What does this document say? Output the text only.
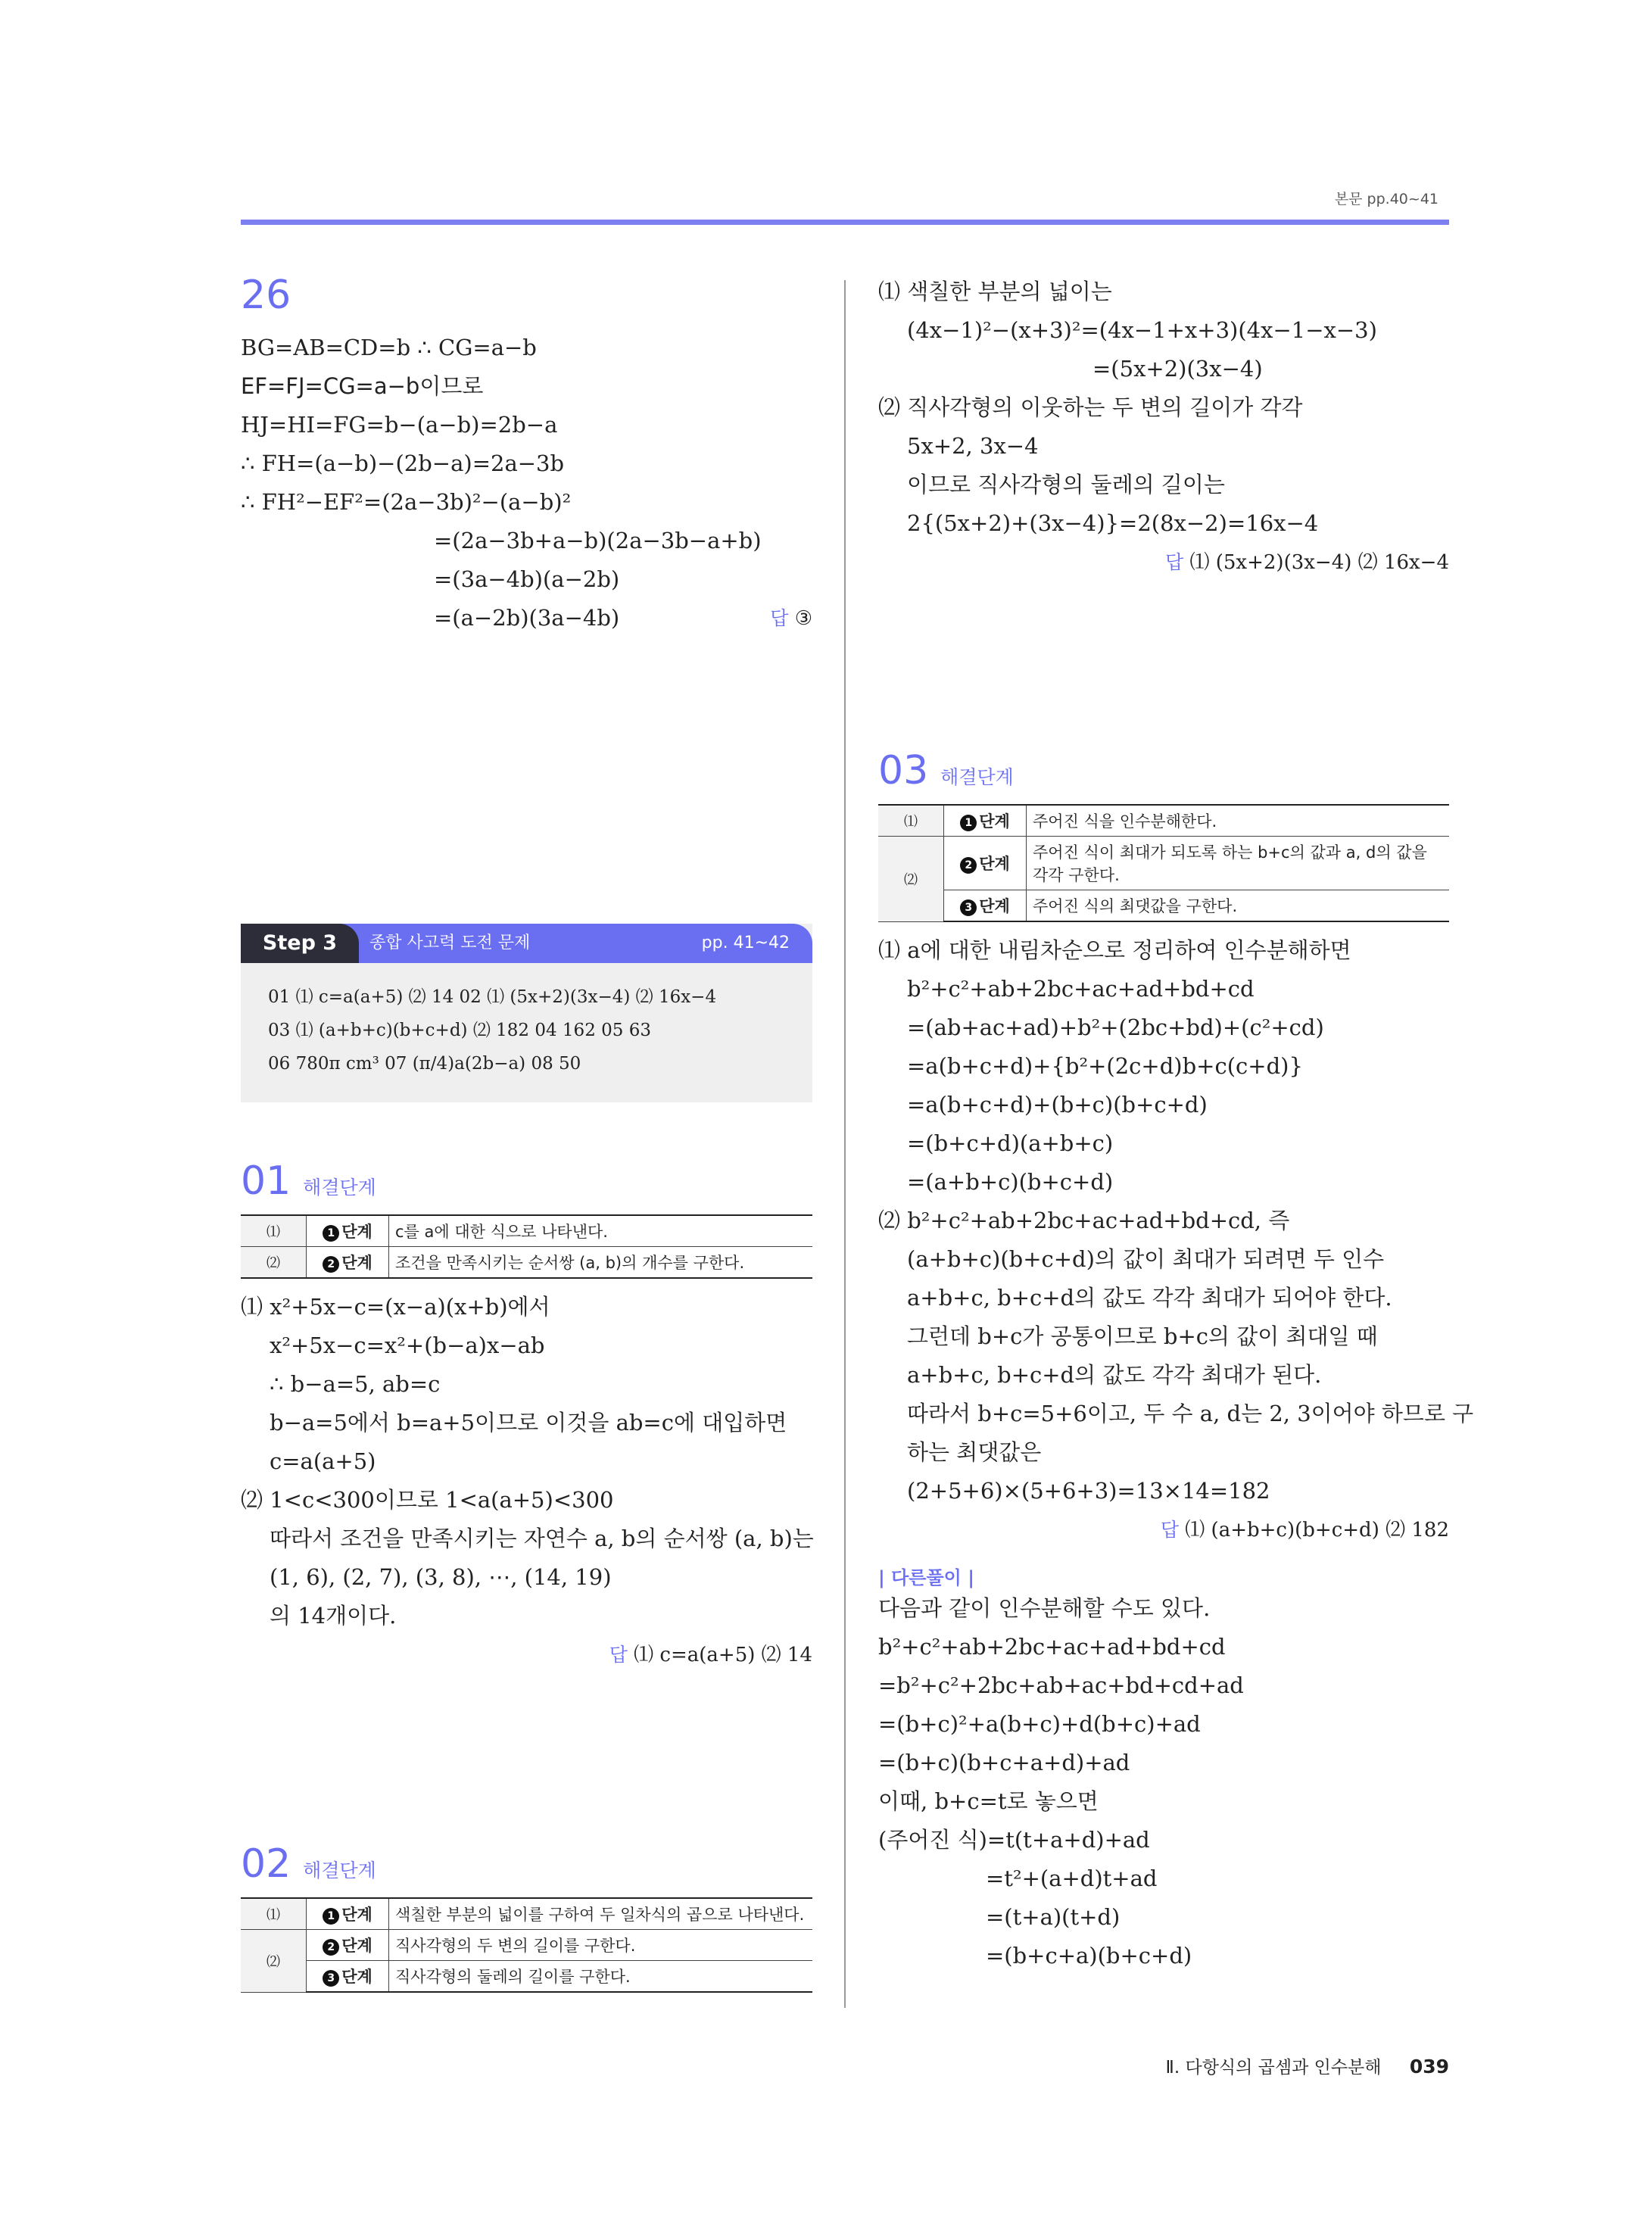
본문 pp.40~41
26
BG=AB=CD=b ∴ CG=a−b
EF=FJ=CG=a−b이므로
HJ=HI=FG=b−(a−b)=2b−a
∴ FH=(a−b)−(2b−a)=2a−3b
∴ FH²−EF²=(2a−3b)²−(a−b)²
=(2a−3b+a−b)(2a−3b−a+b)
=(3a−4b)(a−2b)
=(a−2b)(3a−4b)	답 ③
Step 3	종합 사고력 도전 문제	pp. 41~42
01 ⑴ c=a(a+5) ⑵ 14 02 ⑴ (5x+2)(3x−4) ⑵ 16x−4
03 ⑴ (a+b+c)(b+c+d) ⑵ 182 04 162 05 63
06 780π cm³ 07 (π/4)a(2b−a) 08 50
01 해결단계
⑴	1 단계	c를 a에 대한 식으로 나타낸다.
⑵	2 단계	조건을 만족시키는 순서쌍 (a, b)의 개수를 구한다.
⑴ x²+5x−c=(x−a)(x+b)에서
x²+5x−c=x²+(b−a)x−ab
∴ b−a=5, ab=c
b−a=5에서 b=a+5이므로 이것을 ab=c에 대입하면
c=a(a+5)
⑵ 1<c<300이므로 1<a(a+5)<300
따라서 조건을 만족시키는 자연수 a, b의 순서쌍 (a, b)는
(1, 6), (2, 7), (3, 8), ⋯, (14, 19)
의 14개이다.
답 ⑴ c=a(a+5) ⑵ 14

02 해결단계
⑴	1 단계	색칠한 부분의 넓이를 구하여 두 일차식의 곱으로 나타낸다.
⑵	2 단계	직사각형의 두 변의 길이를 구한다.
	3 단계	직사각형의 둘레의 길이를 구한다.
⑴ 색칠한 부분의 넓이는
(4x−1)²−(x+3)²=(4x−1+x+3)(4x−1−x−3)
=(5x+2)(3x−4)
⑵ 직사각형의 이웃하는 두 변의 길이가 각각
5x+2, 3x−4
이므로 직사각형의 둘레의 길이는
2{(5x+2)+(3x−4)}=2(8x−2)=16x−4
답 ⑴ (5x+2)(3x−4) ⑵ 16x−4

03 해결단계
⑴	1 단계	주어진 식을 인수분해한다.
⑵	2 단계	주어진 식이 최대가 되도록 하는 b+c의 값과 a, d의 값을 각각 구한다.
	3 단계	주어진 식의 최댓값을 구한다.
⑴ a에 대한 내림차순으로 정리하여 인수분해하면
b²+c²+ab+2bc+ac+ad+bd+cd
=(ab+ac+ad)+b²+(2bc+bd)+(c²+cd)
=a(b+c+d)+{b²+(2c+d)b+c(c+d)}
=a(b+c+d)+(b+c)(b+c+d)
=(b+c+d)(a+b+c)
=(a+b+c)(b+c+d)
⑵ b²+c²+ab+2bc+ac+ad+bd+cd, 즉
(a+b+c)(b+c+d)의 값이 최대가 되려면 두 인수
a+b+c, b+c+d의 값도 각각 최대가 되어야 한다.
그런데 b+c가 공통이므로 b+c의 값이 최대일 때
a+b+c, b+c+d의 값도 각각 최대가 된다.
따라서 b+c=5+6이고, 두 수 a, d는 2, 3이어야 하므로 구
하는 최댓값은
(2+5+6)×(5+6+3)=13×14=182
답 ⑴ (a+b+c)(b+c+d) ⑵ 182

| 다른풀이 |
다음과 같이 인수분해할 수도 있다.
b²+c²+ab+2bc+ac+ad+bd+cd
=b²+c²+2bc+ab+ac+bd+cd+ad
=(b+c)²+a(b+c)+d(b+c)+ad
=(b+c)(b+c+a+d)+ad
이때, b+c=t로 놓으면
(주어진 식)=t(t+a+d)+ad
=t²+(a+d)t+ad
=(t+a)(t+d)
=(b+c+a)(b+c+d)
Ⅱ. 다항식의 곱셈과 인수분해 039
